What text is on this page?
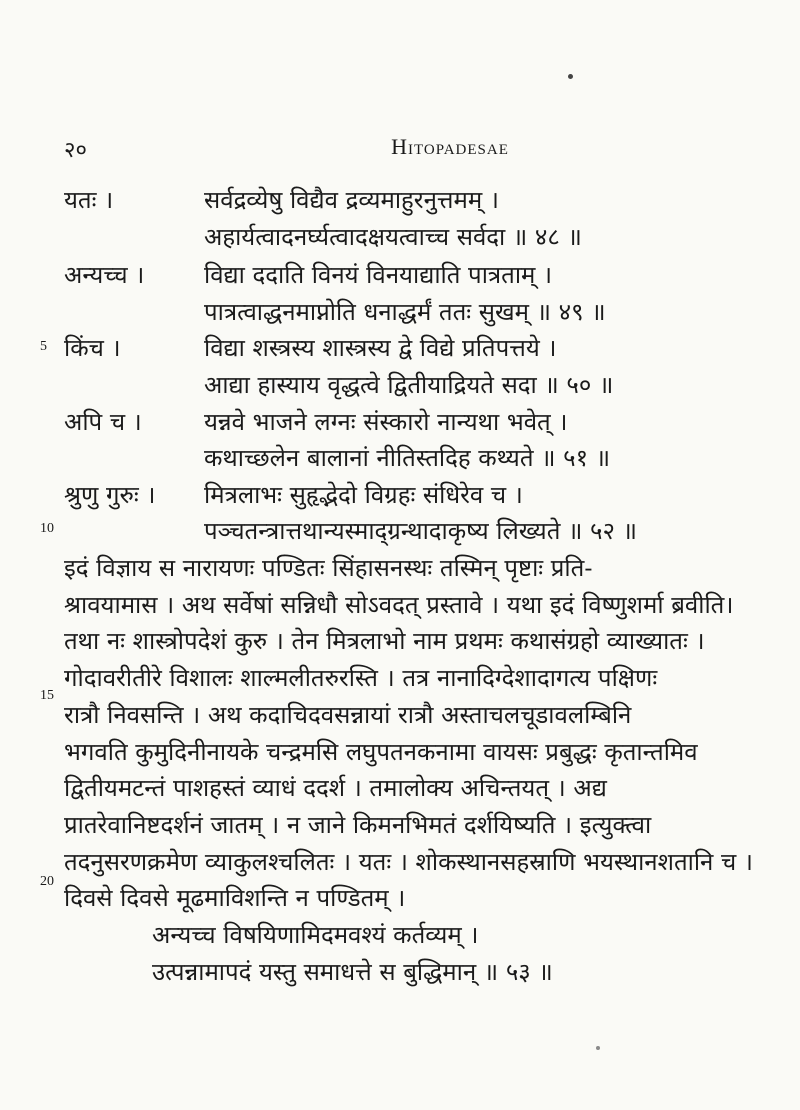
२०	Hitopadesae
5
10
15
20
यतः ।	सर्वद्रव्येषु विद्यैव द्रव्यमाहुरनुत्तमम् ।
अहार्यत्वादनर्घ्यत्वादक्षयत्वाच्च सर्वदा ॥ ४८ ॥
अन्यच्च । विद्या ददाति विनयं विनयाद्याति पात्रताम् ।
पात्रत्वाद्धनमाप्नोति धनाद्धर्मं ततः सुखम् ॥ ४९ ॥
किंच ।	विद्या शस्त्रस्य शास्त्रस्य द्वे विद्ये प्रतिपत्तये ।
आद्या हास्याय वृद्धत्वे द्वितीयाद्रियते सदा ॥ ५० ॥
अपि च ।	यन्नवे भाजने लग्नः संस्कारो नान्यथा भवेत् ।
कथाच्छलेन बालानां नीतिस्तदिह कथ्यते ॥ ५१ ॥
श्रुणु गुरुः । मित्रलाभः सुहृद्भेदो विग्रहः संधिरेव च ।
पञ्चतन्त्रात्तथान्यस्माद्ग्रन्थादाकृष्य लिख्यते ॥ ५२ ॥
इदं विज्ञाय स नारायणः पण्डितः सिंहासनस्थः तस्मिन् पृष्टाः प्रति-
श्रावयामास । अथ सर्वेषां सन्निधौ सोऽवदत् प्रस्तावे । यथा इदं विष्णुशर्मा ब्रवीति।
तथा नः शास्त्रोपदेशं कुरु । तेन मित्रलाभो नाम प्रथमः कथासंग्रहो व्याख्यातः ।
गोदावरीतीरे विशालः शाल्मलीतरुरस्ति । तत्र नानादिग्देशादागत्य पक्षिणः
रात्रौ निवसन्ति । अथ कदाचिदवसन्नायां रात्रौ अस्ताचलचूडावलम्बिनि
भगवति कुमुदिनीनायके चन्द्रमसि लघुपतनकनामा वायसः प्रबुद्धः कृतान्तमिव
द्वितीयमटन्तं पाशहस्तं व्याधं ददर्श । तमालोक्य अचिन्तयत् । अद्य
प्रातरेवानिष्टदर्शनं जातम् । न जाने किमनभिमतं दर्शयिष्यति । इत्युक्त्वा
तदनुसरणक्रमेण व्याकुलश्चलितः । यतः । शोकस्थानसहस्राणि भयस्थानशतानि च ।
दिवसे दिवसे मूढमाविशन्ति न पण्डितम् ।
अन्यच्च विषयिणामिदमवश्यं कर्तव्यम् ।
उत्पन्नामापदं यस्तु समाधत्ते स बुद्धिमान् ॥ ५३ ॥
